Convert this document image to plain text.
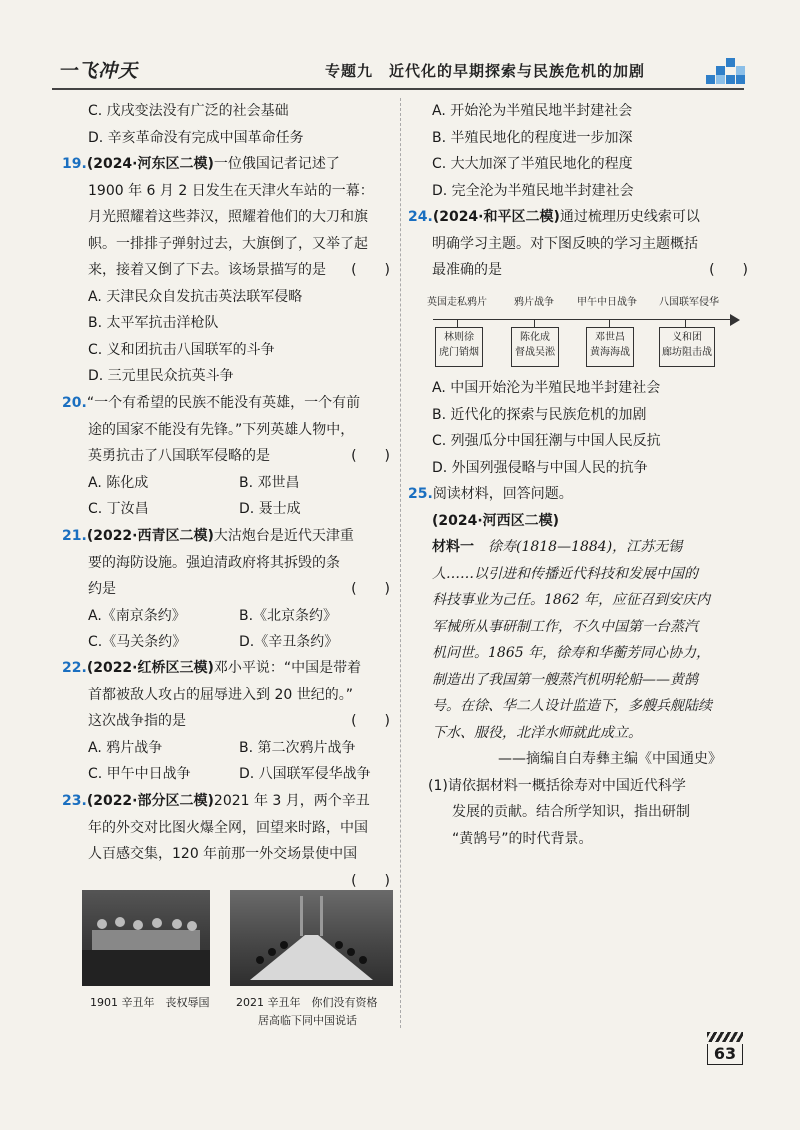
一飞冲天	专题九　近代化的早期探索与民族危机的加剧

C. 戊戌变法没有广泛的社会基础

D. 辛亥革命没有完成中国革命任务

19.(2024·河东区二模)一位俄国记者记述了

1900 年 6 月 2 日发生在天津火车站的一幕：

月光照耀着这些莽汉，照耀着他们的大刀和旗

帜。一排排子弹射过去，大旗倒了，又举了起

来，接着又倒了下去。该场景描写的是 (　　)

A. 天津民众自发抗击英法联军侵略

B. 太平军抗击洋枪队

C. 义和团抗击八国联军的斗争

D. 三元里民众抗英斗争

20.“一个有希望的民族不能没有英雄，一个有前

途的国家不能没有先锋。”下列英雄人物中，

英勇抗击了八国联军侵略的是	(　　)

A. 陈化成	B. 邓世昌

C. 丁汝昌	D. 聂士成

21.(2022·西青区二模)大沽炮台是近代天津重

要的海防设施。强迫清政府将其拆毁的条

约是	(　　)

A.《南京条约》	B.《北京条约》

C.《马关条约》	D.《辛丑条约》

22.(2022·红桥区三模)邓小平说：“中国是带着

首都被敌人攻占的屈辱进入到 20 世纪的。”

这次战争指的是	(　　)

A. 鸦片战争	B. 第二次鸦片战争

C. 甲午中日战争	D. 八国联军侵华战争

23.(2022·部分区二模)2021 年 3 月，两个辛丑

年的外交对比图火爆全网，回望来时路，中国

人百感交集，120 年前那一外交场景使中国

(　　)

1901 辛丑年　丧权辱国 2021 辛丑年　你们没有资格
居高临下同中国说话

A. 开始沦为半殖民地半封建社会

B. 半殖民地化的程度进一步加深

C. 大大加深了半殖民地化的程度

D. 完全沦为半殖民地半封建社会

24.(2024·和平区二模)通过梳理历史线索可以

明确学习主题。对下图反映的学习主题概括

最准确的是	(　　)

英国走私鸦片	鸦片战争 甲午中日战争 八国联军侵华
林则徐
虎门销烟
陈化成
督战吴淞
邓世昌
黄海海战
义和团
廊坊阻击战

A. 中国开始沦为半殖民地半封建社会

B. 近代化的探索与民族危机的加剧

C. 列强瓜分中国狂潮与中国人民反抗

D. 外国列强侵略与中国人民的抗争

25.阅读材料，回答问题。

(2024·河西区二模)

材料一　 徐寿(1818—1884)，江苏无锡

人……以引进和传播近代科技和发展中国的

科技事业为己任。1862 年，应征召到安庆内

军械所从事研制工作，不久中国第一台蒸汽

机问世。1865 年，徐寿和华蘅芳同心协力，

制造出了我国第一艘蒸汽机明轮船——黄鹄

号。在徐、华二人设计监造下，多艘兵舰陆续

下水、服役，北洋水师就此成立。

——摘编自白寿彝主编《中国通史》

(1)请依据材料一概括徐寿对中国近代科学

发展的贡献。结合所学知识，指出研制

“黄鹄号”的时代背景。

63
